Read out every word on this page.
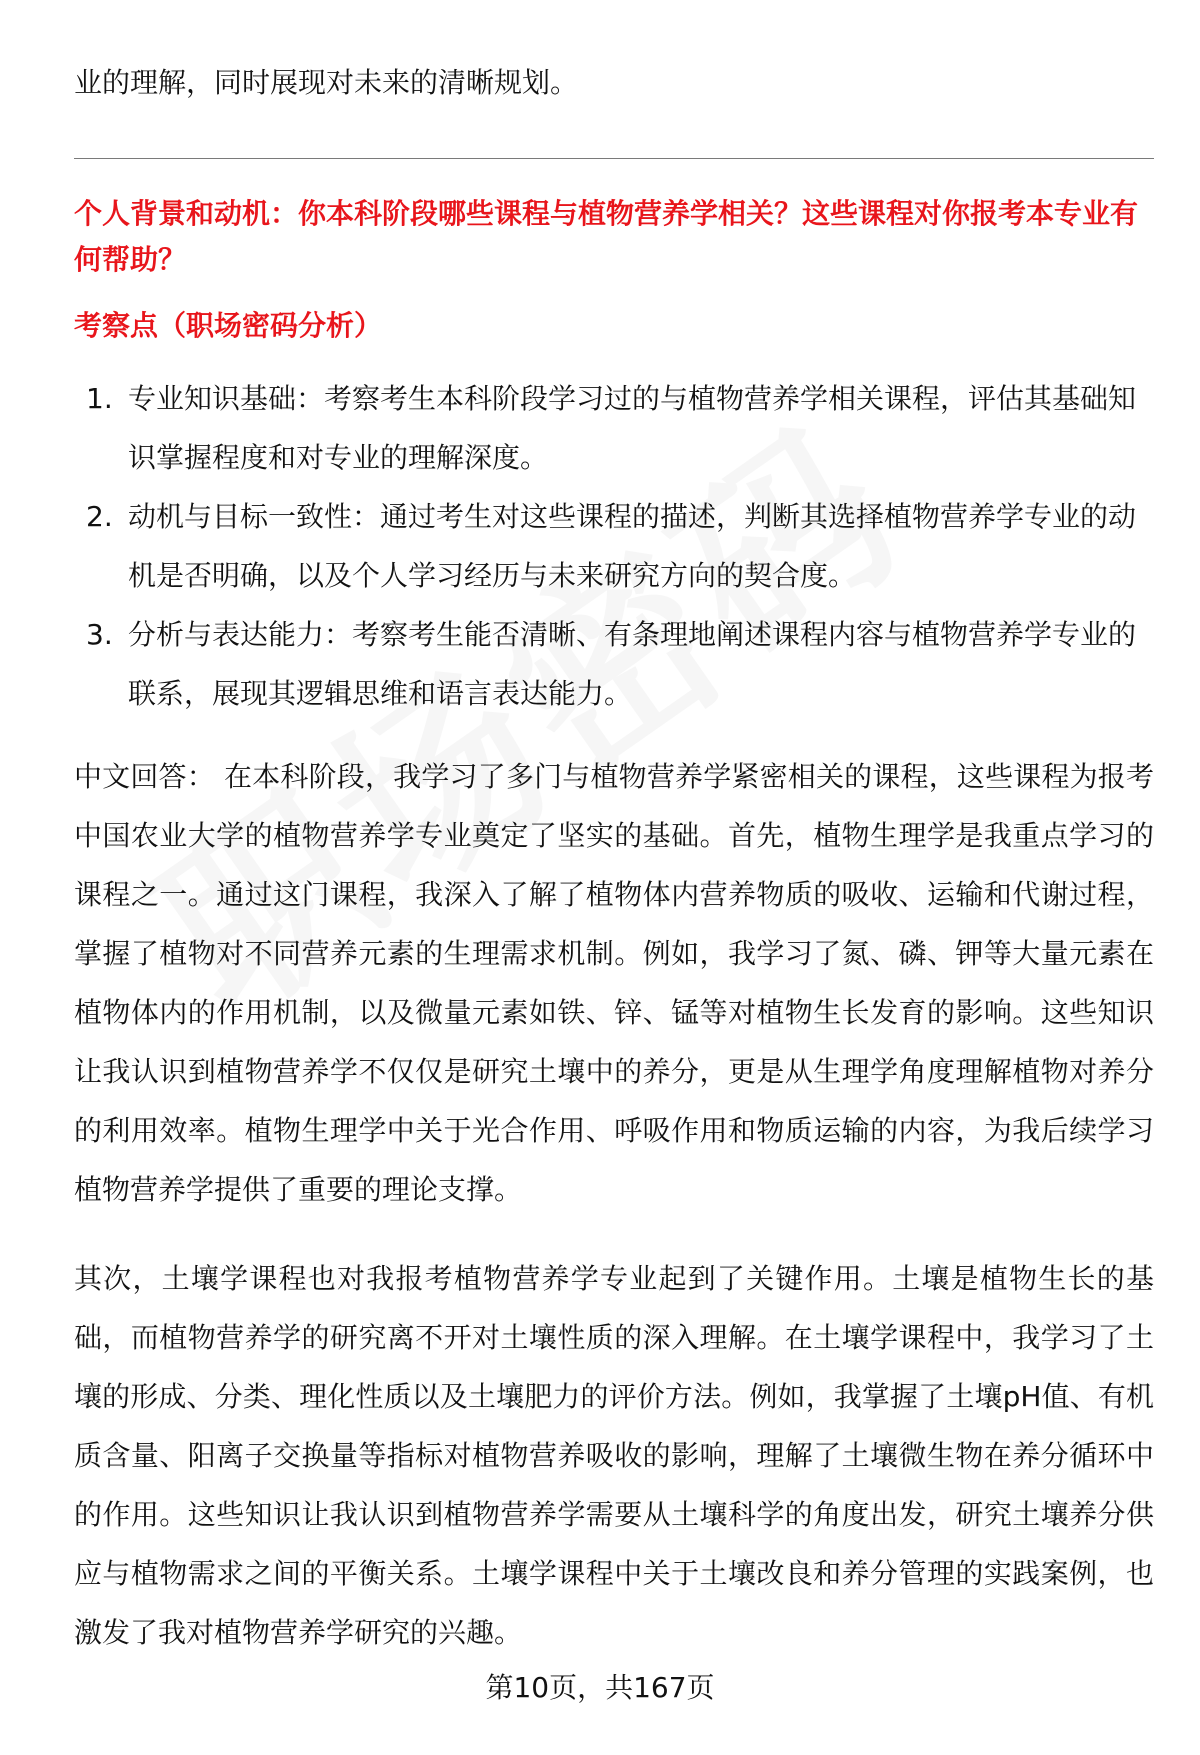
业的理解，同时展现对未来的清晰规划。

个人背景和动机：你本科阶段哪些课程与植物营养学相关？这些课程对你报考本专业有何帮助？

考察点（职场密码分析）

1. 专业知识基础：考察考生本科阶段学习过的与植物营养学相关课程，评估其基础知识掌握程度和对专业的理解深度。
2. 动机与目标一致性：通过考生对这些课程的描述，判断其选择植物营养学专业的动机是否明确，以及个人学习经历与未来研究方向的契合度。
3. 分析与表达能力：考察考生能否清晰、有条理地阐述课程内容与植物营养学专业的联系，展现其逻辑思维和语言表达能力。

中文回答： 在本科阶段，我学习了多门与植物营养学紧密相关的课程，这些课程为报考中国农业大学的植物营养学专业奠定了坚实的基础。首先，植物生理学是我重点学习的课程之一。通过这门课程，我深入了解了植物体内营养物质的吸收、运输和代谢过程，掌握了植物对不同营养元素的生理需求机制。例如，我学习了氮、磷、钾等大量元素在植物体内的作用机制，以及微量元素如铁、锌、锰等对植物生长发育的影响。这些知识让我认识到植物营养学不仅仅是研究土壤中的养分，更是从生理学角度理解植物对养分的利用效率。植物生理学中关于光合作用、呼吸作用和物质运输的内容，为我后续学习植物营养学提供了重要的理论支撑。

其次，土壤学课程也对我报考植物营养学专业起到了关键作用。土壤是植物生长的基础，而植物营养学的研究离不开对土壤性质的深入理解。在土壤学课程中，我学习了土壤的形成、分类、理化性质以及土壤肥力的评价方法。例如，我掌握了土壤pH值、有机质含量、阳离子交换量等指标对植物营养吸收的影响，理解了土壤微生物在养分循环中的作用。这些知识让我认识到植物营养学需要从土壤科学的角度出发，研究土壤养分供应与植物需求之间的平衡关系。土壤学课程中关于土壤改良和养分管理的实践案例，也激发了我对植物营养学研究的兴趣。

第10页，共167页
